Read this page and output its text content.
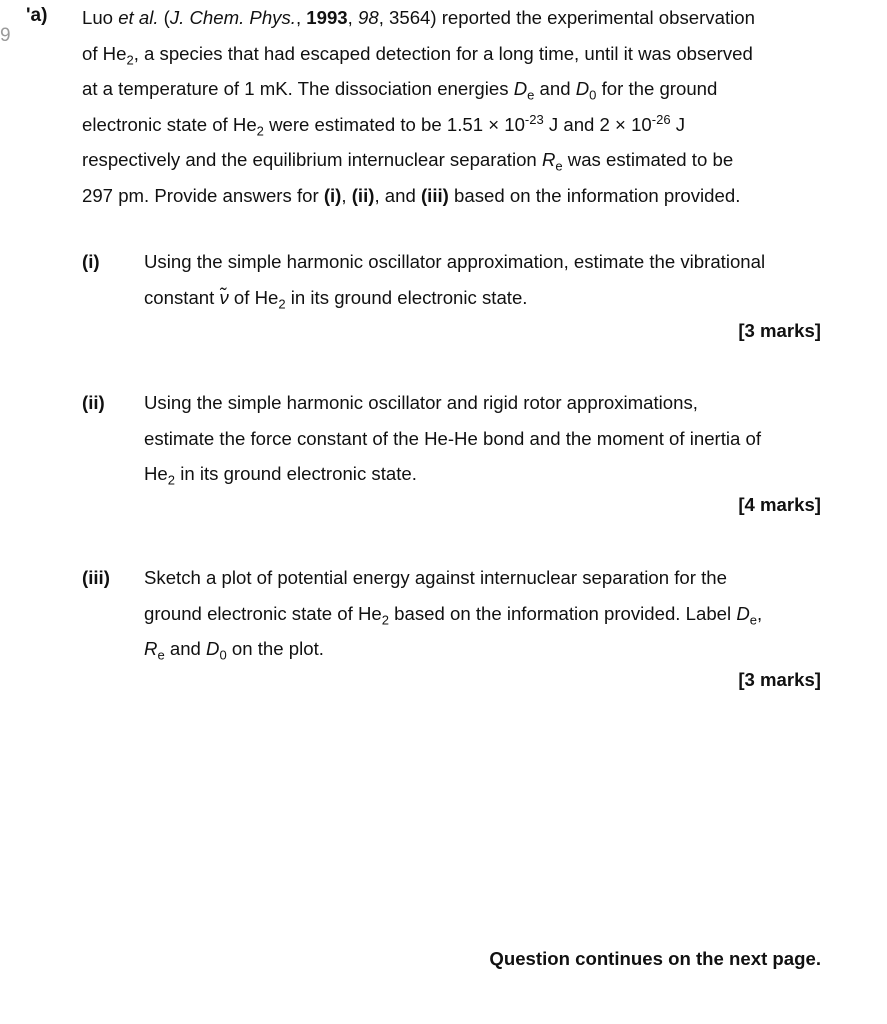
9
'a) Luo et al. (J. Chem. Phys., 1993, 98, 3564) reported the experimental observation
of $He_2$, a species that had escaped detection for a long time, until it was observed
at a temperature of 1 mK. The dissociation energies $D_e$ and $D_0$ for the ground
electronic state of $He_2$ were estimated to be $1.51 \times 10^{-23}$ J and $2 \times 10^{-26}$ J
respectively and the equilibrium internuclear separation $R_e$ was estimated to be
297 pm. Provide answers for (i), (ii), and (iii) based on the information provided.
(i) Using the simple harmonic oscillator approximation, estimate the vibrational
constant ν̃ of $He_2$ in its ground electronic state.
[3 marks]
(ii) Using the simple harmonic oscillator and rigid rotor approximations,
estimate the force constant of the He-He bond and the moment of inertia of
$He_2$ in its ground electronic state.
[4 marks]
(iii) Sketch a plot of potential energy against internuclear separation for the
ground electronic state of $He_2$ based on the information provided. Label $D_e$,
$R_e$ and $D_0$ on the plot.
[3 marks]
Question continues on the next page.
